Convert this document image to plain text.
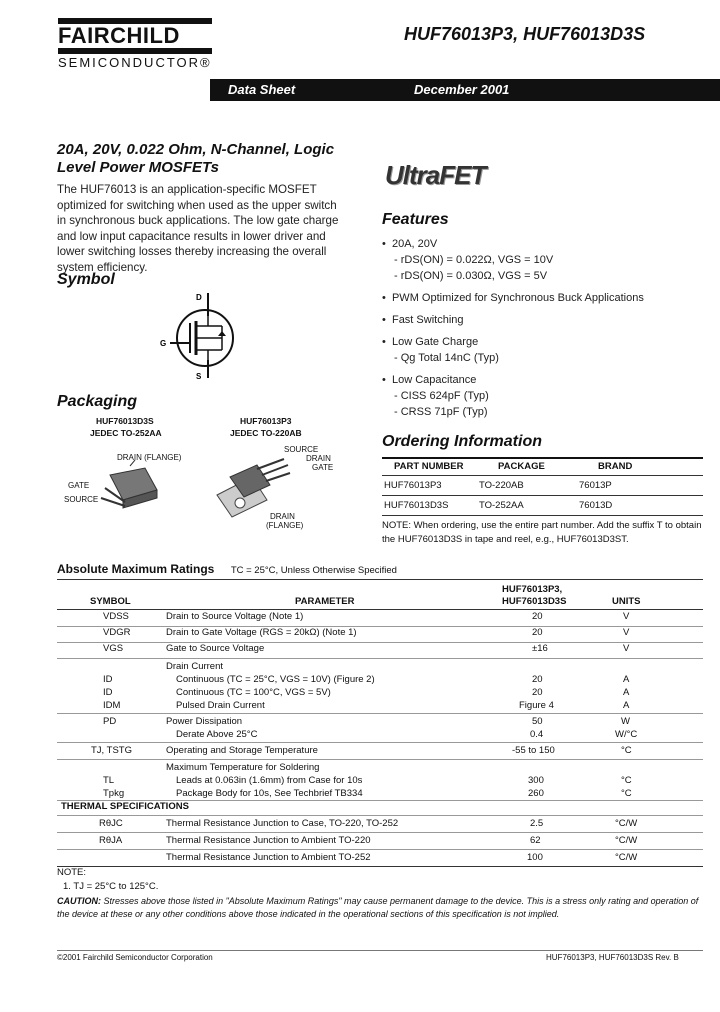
FAIRCHILD
SEMICONDUCTOR®
HUF76013P3, HUF76013D3S
Data Sheet	December 2001
20A, 20V, 0.022 Ohm, N-Channel, Logic
Level Power MOSFETs
The HUF76013 is an application-specific MOSFET optimized for switching when used as the upper switch in synchronous buck applications. The low gate charge and low input capacitance results in lower driver and lower switching losses thereby increasing the overall system efficiency.
UltraFET
Symbol
D
G
S
Packaging
HUF76013D3S
JEDEC TO-252AA
HUF76013P3
JEDEC TO-220AB
DRAIN (FLANGE)
GATE
SOURCE
SOURCE
DRAIN
GATE
DRAIN
(FLANGE)
Features
•  20A, 20V
- rDS(ON) = 0.022Ω, VGS = 10V
- rDS(ON) = 0.030Ω, VGS = 5V
•  PWM Optimized for Synchronous Buck Applications
•  Fast Switching
•  Low Gate Charge
- Qg Total 14nC (Typ)
•  Low Capacitance
- CISS 624pF (Typ)
- CRSS 71pF (Typ)
Ordering Information
PART NUMBER	PACKAGE	BRAND
HUF76013P3	TO-220AB	76013P
HUF76013D3S	TO-252AA	76013D
NOTE: When ordering, use the entire part number. Add the suffix T to obtain the HUF76013D3S in tape and reel, e.g., HUF76013D3ST.
Absolute Maximum Ratings TC = 25°C, Unless Otherwise Specified
SYMBOL	PARAMETER
HUF76013P3,
HUF76013D3S	UNITS
VDSS	Drain to Source Voltage (Note 1)	20	V
VDGR	Drain to Gate Voltage (RGS = 20kΩ) (Note 1)	20	V
VGS	Gate to Source Voltage	±16	V
Drain Current
ID	Continuous (TC = 25°C, VGS = 10V) (Figure 2)	20	A
ID	Continuous (TC = 100°C, VGS = 5V)	20	A
IDM	Pulsed Drain Current	Figure 4	A
PD	Power Dissipation	50	W
Derate Above 25°C	0.4	W/°C
TJ, TSTG	Operating and Storage Temperature	-55 to 150	°C
Maximum Temperature for Soldering
TL	Leads at 0.063in (1.6mm) from Case for 10s	300	°C
Tpkg	Package Body for 10s, See Techbrief TB334	260	°C
THERMAL SPECIFICATIONS
RθJC	Thermal Resistance Junction to Case, TO-220, TO-252	2.5	°C/W
RθJA	Thermal Resistance Junction to Ambient TO-220	62	°C/W
Thermal Resistance Junction to Ambient TO-252	100	°C/W
NOTE:
1. TJ = 25°C to 125°C.
CAUTION: Stresses above those listed in "Absolute Maximum Ratings" may cause permanent damage to the device. This is a stress only rating and operation of the device at these or any other conditions above those indicated in the operational sections of this specification is not implied.
©2001 Fairchild Semiconductor Corporation	HUF76013P3, HUF76013D3S Rev. B
